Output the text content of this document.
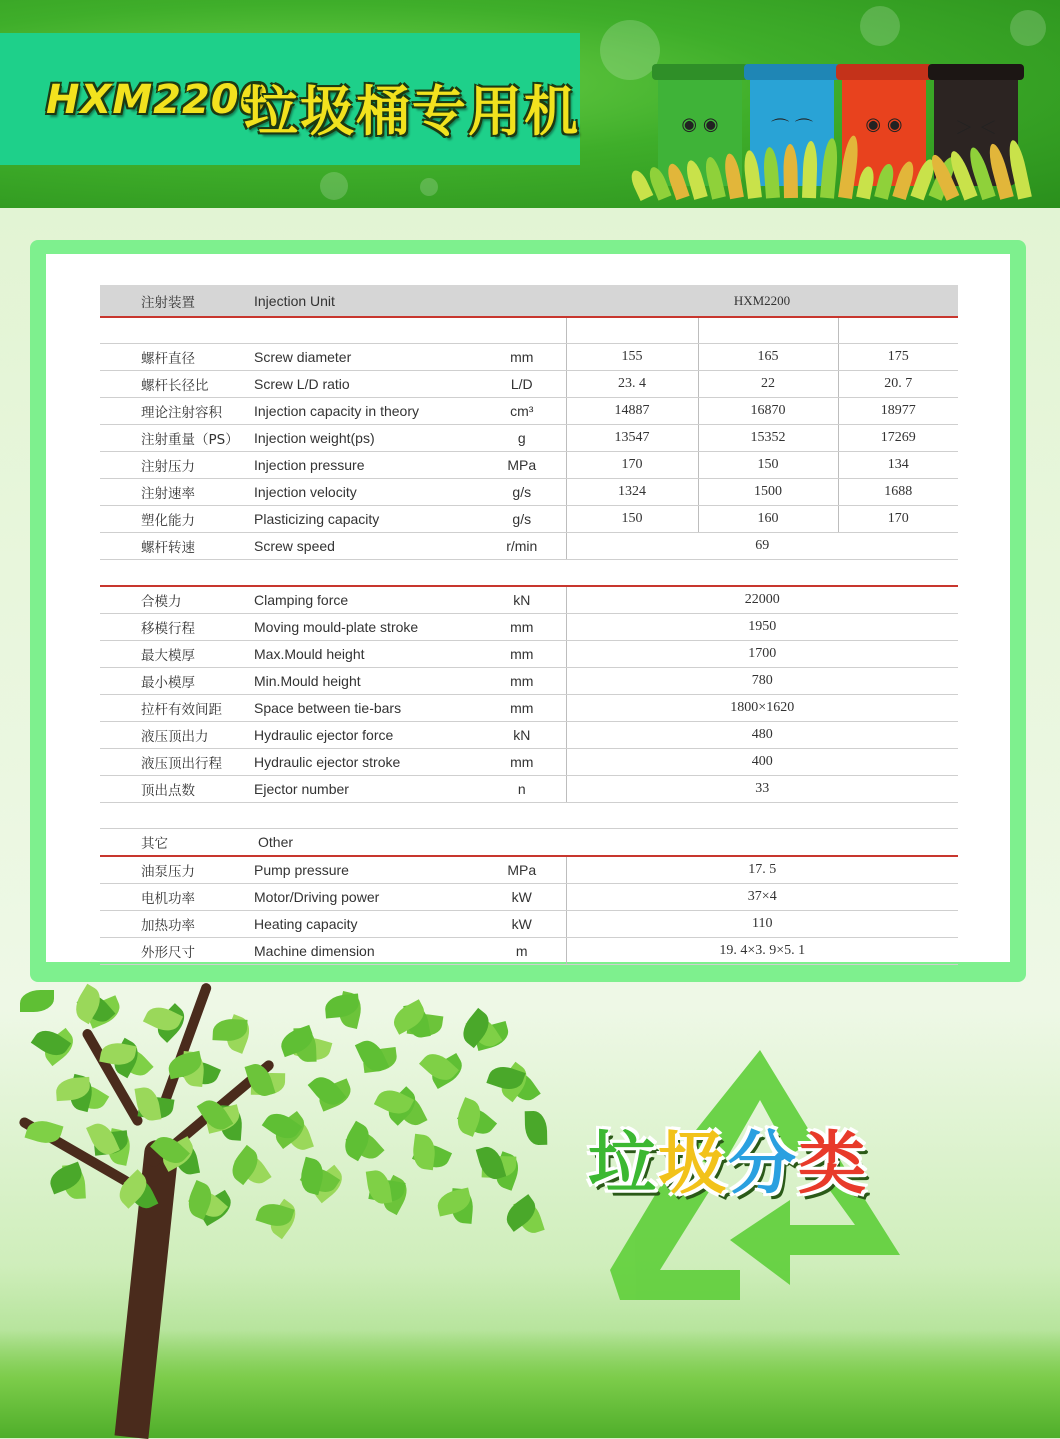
HXM2200
垃圾桶专用机	◉ ◉	⌒ ⌒	◉ ◉	＞ ＜
注射装置	Injection Unit		HXM2200		

螺杆直径	Screw diameter	mm	155	165	175
螺杆长径比	Screw L/D ratio	L/D	23. 4	22	20. 7
理论注射容积	Injection capacity in theory	cm³	14887	16870	18977
注射重量（PS）	Injection weight(ps)	g	13547	15352	17269
注射压力	Injection pressure	MPa	170	150	134
注射速率	Injection velocity	g/s	1324	1500	1688
塑化能力	Plasticizing capacity	g/s	150	160	170
螺杆转速	Screw speed	r/min	69		

合模力	Clamping force	kN	22000		
移模行程	Moving mould-plate stroke	mm	1950		
最大模厚	Max.Mould height	mm	1700		
最小模厚	Min.Mould height	mm	780		
拉杆有效间距	Space between tie-bars	mm	1800×1620		
液压顶出力	Hydraulic ejector force	kN	480		
液压顶出行程	Hydraulic ejector stroke	mm	400		
顶出点数	Ejector number	n	33		

其它	Other				
油泵压力	Pump pressure	MPa	17. 5		
电机功率	Motor/Driving power	kW	37×4		
加热功率	Heating capacity	kW	110		
外形尺寸	Machine dimension	m	19. 4×3. 9×5. 1		
垃圾分类
